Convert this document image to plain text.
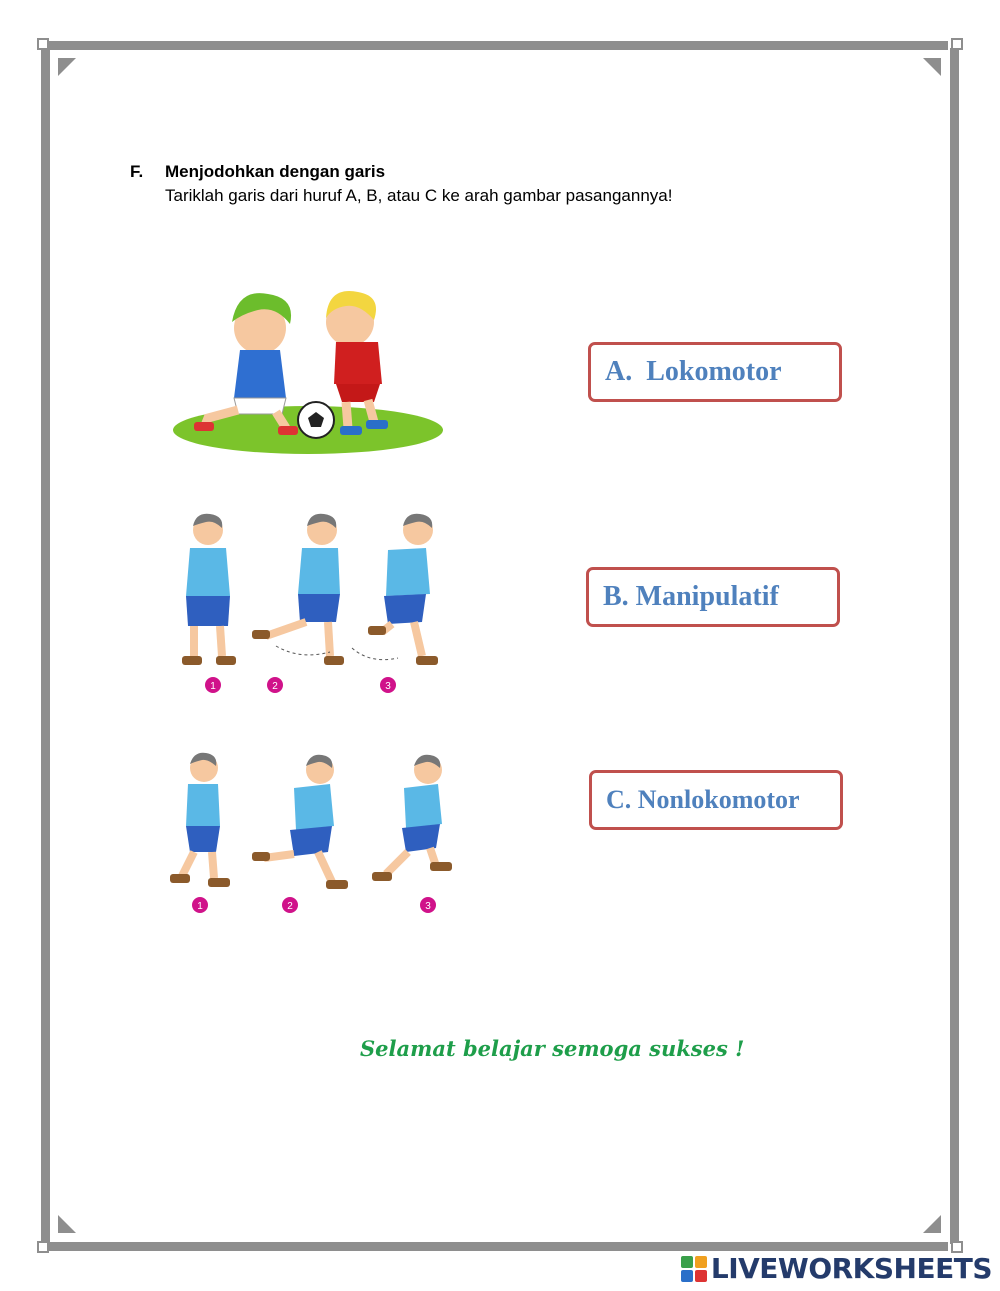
F. Menjodohkan dengan garis
Tariklah garis dari huruf A, B, atau C ke arah gambar pasangannya!
1	2	3
1	2	3
A.  Lokomotor
B. Manipulatif
C. Nonlokomotor
Selamat belajar semoga sukses !
LIVEWORKSHEETS
